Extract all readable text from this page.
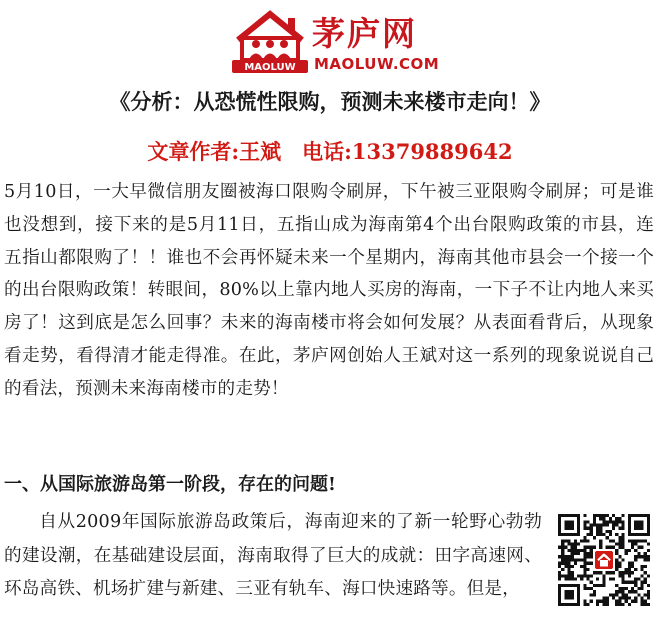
MAOLUW
茅庐网
MAOLUW.COM
《分析：从恐慌性限购，预测未来楼市走向！》
文章作者:王斌　电话:13379889642

5月10日，一大早微信朋友圈被海口限购令刷屏，下午被三亚限购令刷屏；可是谁也没想到，接下来的是5月11日，五指山成为海南第4个出台限购政策的市县，连五指山都限购了！！谁也不会再怀疑未来一个星期内，海南其他市县会一个接一个的出台限购政策！转眼间，80%以上靠内地人买房的海南，一下子不让内地人来买房了！这到底是怎么回事？未来的海南楼市将会如何发展？从表面看背后，从现象看走势，看得清才能走得准。在此，茅庐网创始人王斌对这一系列的现象说说自己的看法，预测未来海南楼市的走势！

一、从国际旅游岛第一阶段，存在的问题!

自从2009年国际旅游岛政策后，海南迎来的了新一轮野心勃勃的建设潮，在基础建设层面，海南取得了巨大的成就：田字高速网、环岛高铁、机场扩建与新建、三亚有轨车、海口快速路等。但是，
